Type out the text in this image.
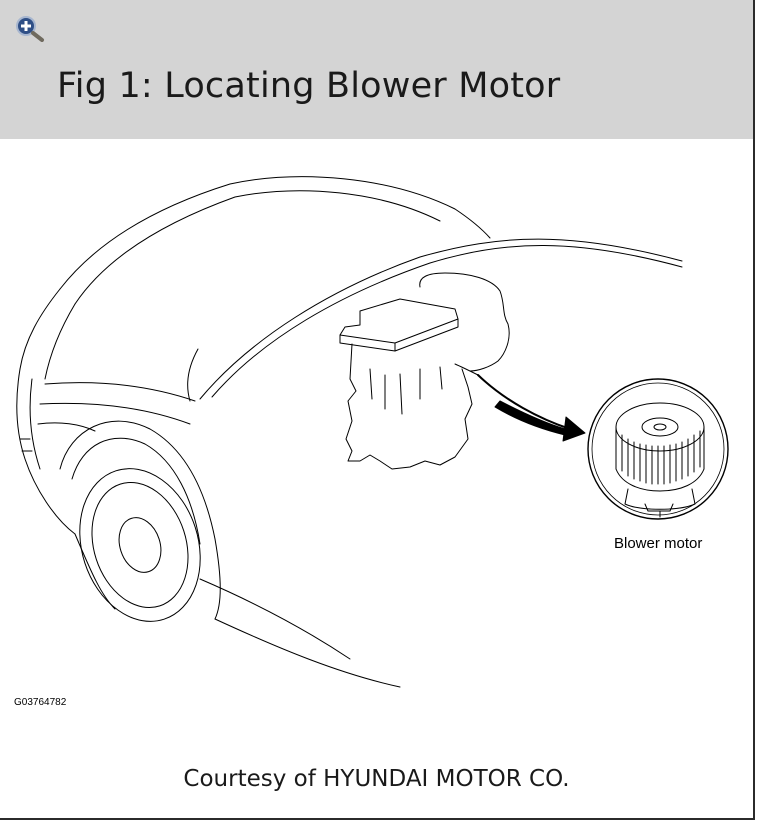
Fig 1: Locating Blower Motor
Blower motor
G03764782
Courtesy of HYUNDAI MOTOR CO.
